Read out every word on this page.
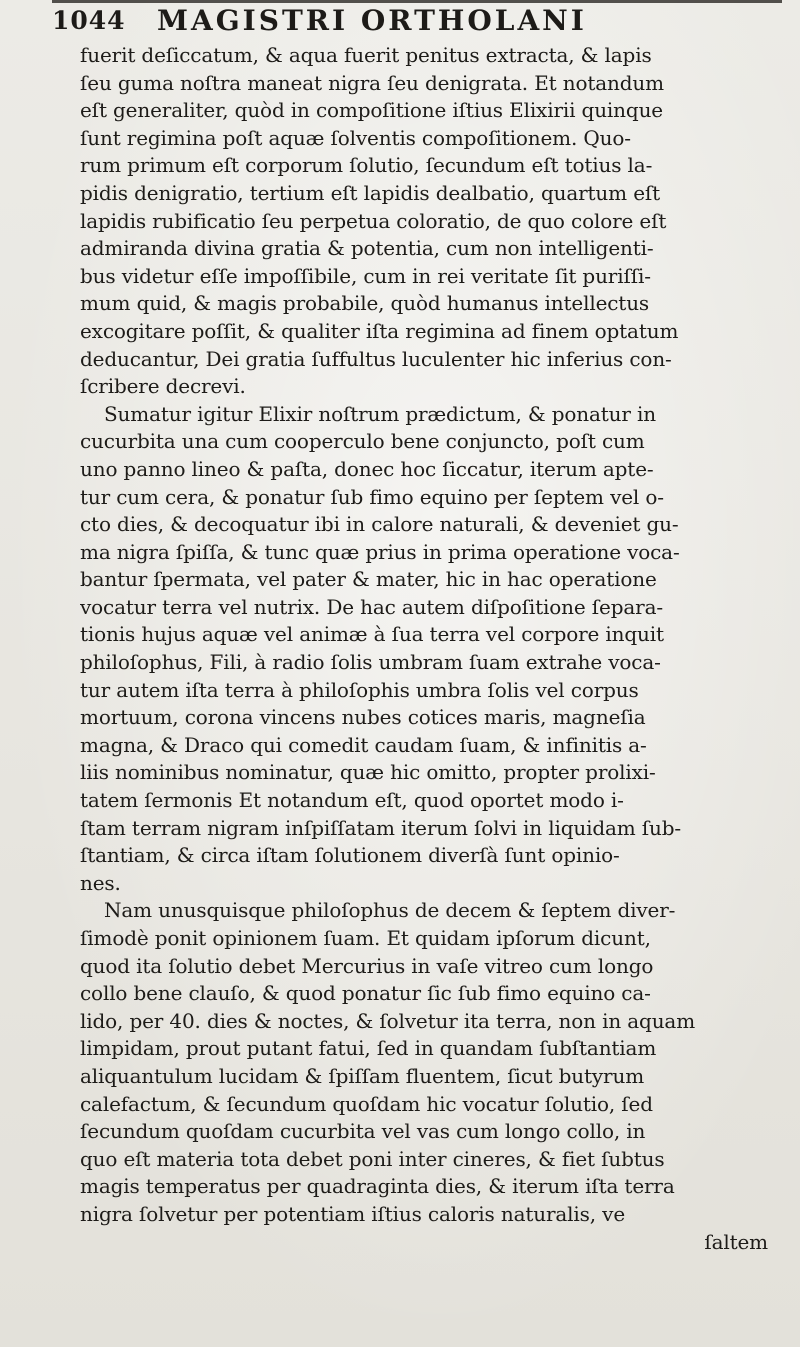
1044 MAGISTRI ORTHOLANI
fuerit deſiccatum, & aqua fuerit penitus extracta, & lapis
ſeu guma noſtra maneat nigra ſeu denigrata. Et notandum
eſt generaliter, quòd in compoſitione iſtius Elixirii quinque
ſunt regimina poſt aquæ ſolventis compoſitionem. Quo-
rum primum eſt corporum ſolutio, ſecundum eſt totius la-
pidis denigratio, tertium eſt lapidis dealbatio, quartum eſt
lapidis rubificatio ſeu perpetua coloratio, de quo colore eſt
admiranda divina gratia & potentia, cum non intelligenti-
bus videtur eſſe impoſſibile, cum in rei veritate ſit puriſſi-
mum quid, & magis probabile, quòd humanus intellectus
excogitare poſſit, & qualiter iſta regimina ad finem optatum
deducantur, Dei gratia ſuffultus luculenter hic inferius con-
ſcribere decrevi.
Sumatur igitur Elixir noſtrum prædictum, & ponatur in
cucurbita una cum cooperculo bene conjuncto, poſt cum
uno panno lineo & paſta, donec hoc ſiccatur, iterum apte-
tur cum cera, & ponatur ſub fimo equino per ſeptem vel o-
cto dies, & decoquatur ibi in calore naturali, & deveniet gu-
ma nigra ſpiſſa, & tunc quæ prius in prima operatione voca-
bantur ſpermata, vel pater & mater, hic in hac operatione
vocatur terra vel nutrix. De hac autem diſpoſitione ſepara-
tionis hujus aquæ vel animæ à ſua terra vel corpore inquit
philoſophus, Fili, à radio ſolis umbram ſuam extrahe voca-
tur autem iſta terra à philoſophis umbra ſolis vel corpus
mortuum, corona vincens nubes cotices maris, magneſia
magna, & Draco qui comedit caudam ſuam, & infinitis a-
liis nominibus nominatur, quæ hic omitto, propter prolixi-
tatem ſermonis Et notandum eſt, quod oportet modo i-
ſtam terram nigram inſpiſſatam iterum ſolvi in liquidam ſub-
ſtantiam, & circa iſtam ſolutionem diverſà ſunt opinio-
nes.
Nam unusquisque philoſophus de decem & ſeptem diver-
ſimodè ponit opinionem ſuam. Et quidam ipſorum dicunt,
quod ita ſolutio debet Mercurius in vaſe vitreo cum longo
collo bene clauſo, & quod ponatur ſic ſub fimo equino ca-
lido, per 40. dies & noctes, & ſolvetur ita terra, non in aquam
limpidam, prout putant fatui, ſed in quandam ſubſtantiam
aliquantulum lucidam & ſpiſſam fluentem, ſicut butyrum
calefactum, & ſecundum quoſdam hic vocatur ſolutio, ſed
ſecundum quoſdam cucurbita vel vas cum longo collo, in
quo eſt materia tota debet poni inter cineres, & fiet ſubtus
magis temperatus per quadraginta dies, & iterum iſta terra
nigra ſolvetur per potentiam iſtius caloris naturalis, ve
ſaltem
